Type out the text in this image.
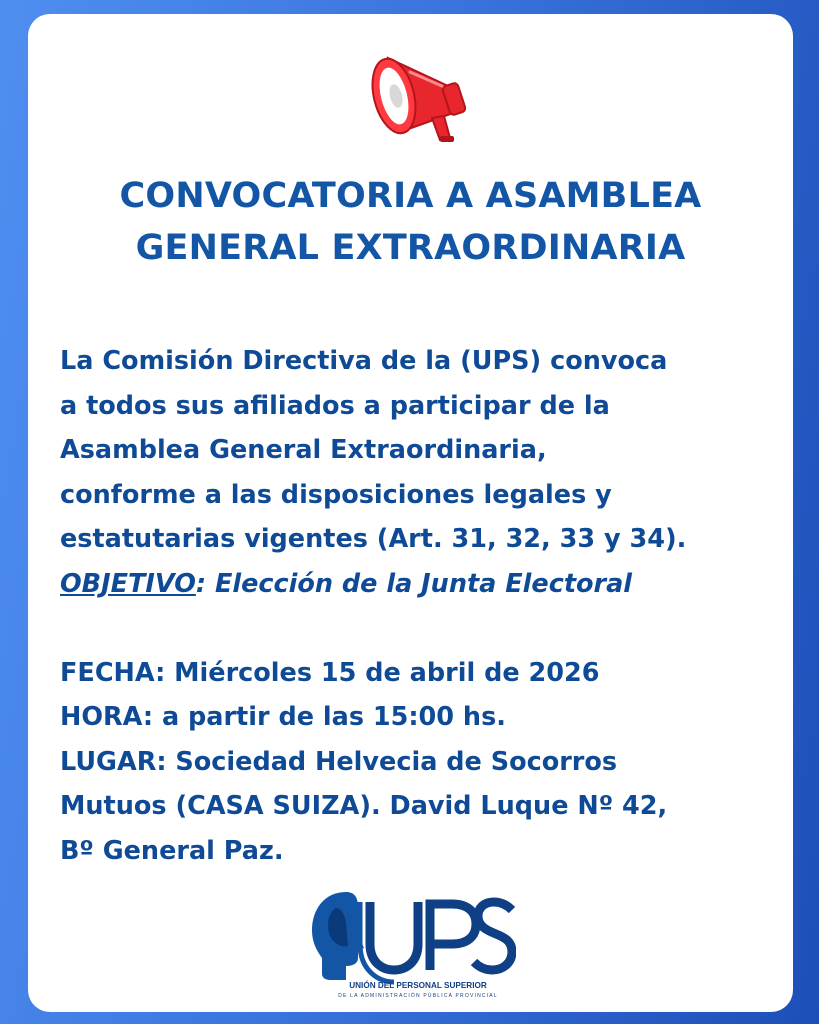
CONVOCATORIA A ASAMBLEA
GENERAL EXTRAORDINARIA
La Comisión Directiva de la (UPS) convoca
a todos sus afiliados a participar de la
Asamblea General Extraordinaria,
conforme a las disposiciones legales y
estatutarias vigentes (Art. 31, 32, 33 y 34).
OBJETIVO: Elección de la Junta Electoral
FECHA: Miércoles 15 de abril de 2026
HORA: a partir de las 15:00 hs.
LUGAR: Sociedad Helvecia de Socorros
Mutuos (CASA SUIZA). David Luque Nº 42,
Bº General Paz.
UNIÓN DEL PERSONAL SUPERIOR
DE LA ADMINISTRACIÓN PÚBLICA PROVINCIAL
